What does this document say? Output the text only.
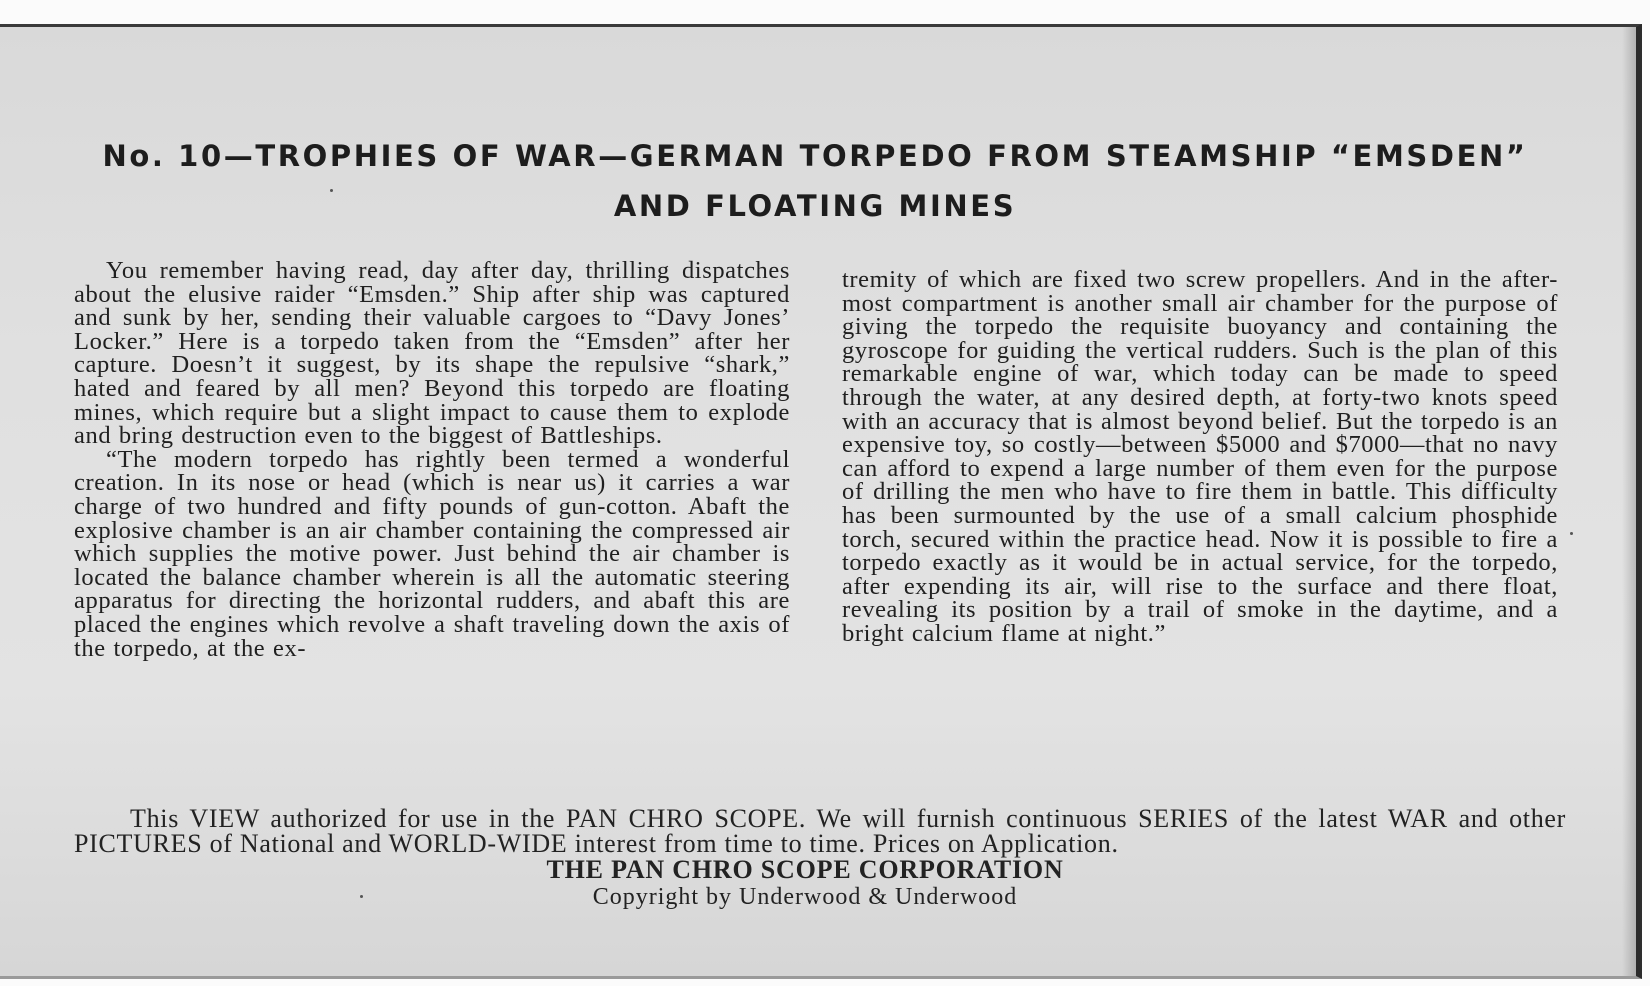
No. 10—TROPHIES OF WAR—GERMAN TORPEDO FROM STEAMSHIP “EMSDEN”
AND FLOATING MINES

You remember having read, day after day, thrilling dispatches about the elusive raider “Emsden.” Ship after ship was captured and sunk by her, sending their valuable cargoes to “Davy Jones’ Locker.” Here is a torpedo taken from the “Emsden” after her capture. Doesn’t it suggest, by its shape the repulsive “shark,” hated and feared by all men? Beyond this torpedo are floating mines, which require but a slight impact to cause them to explode and bring destruction even to the biggest of Battleships.

“The modern torpedo has rightly been termed a wonderful creation. In its nose or head (which is near us) it carries a war charge of two hundred and fifty pounds of gun-cotton. Abaft the explosive chamber is an air chamber containing the compressed air which supplies the motive power. Just behind the air chamber is located the balance chamber wherein is all the automatic steering apparatus for directing the horizontal rudders, and abaft this are placed the engines which revolve a shaft traveling down the axis of the torpedo, at the ex-

tremity of which are fixed two screw propellers. And in the after-most compartment is another small air chamber for the purpose of giving the torpedo the requisite buoyancy and containing the gyroscope for guiding the vertical rudders. Such is the plan of this remarkable engine of war, which today can be made to speed through the water, at any desired depth, at forty-two knots speed with an accuracy that is almost beyond belief. But the torpedo is an expensive toy, so costly—between $5000 and $7000—that no navy can afford to expend a large number of them even for the purpose of drilling the men who have to fire them in battle. This difficulty has been surmounted by the use of a small calcium phosphide torch, secured within the practice head. Now it is possible to fire a torpedo exactly as it would be in actual service, for the torpedo, after expending its air, will rise to the surface and there float, revealing its position by a trail of smoke in the daytime, and a bright calcium flame at night.”

This VIEW authorized for use in the PAN CHRO SCOPE. We will furnish continuous SERIES of the latest WAR and other PICTURES of National and WORLD-WIDE interest from time to time. Prices on Application.

THE PAN CHRO SCOPE CORPORATION

Copyright by Underwood & Underwood
